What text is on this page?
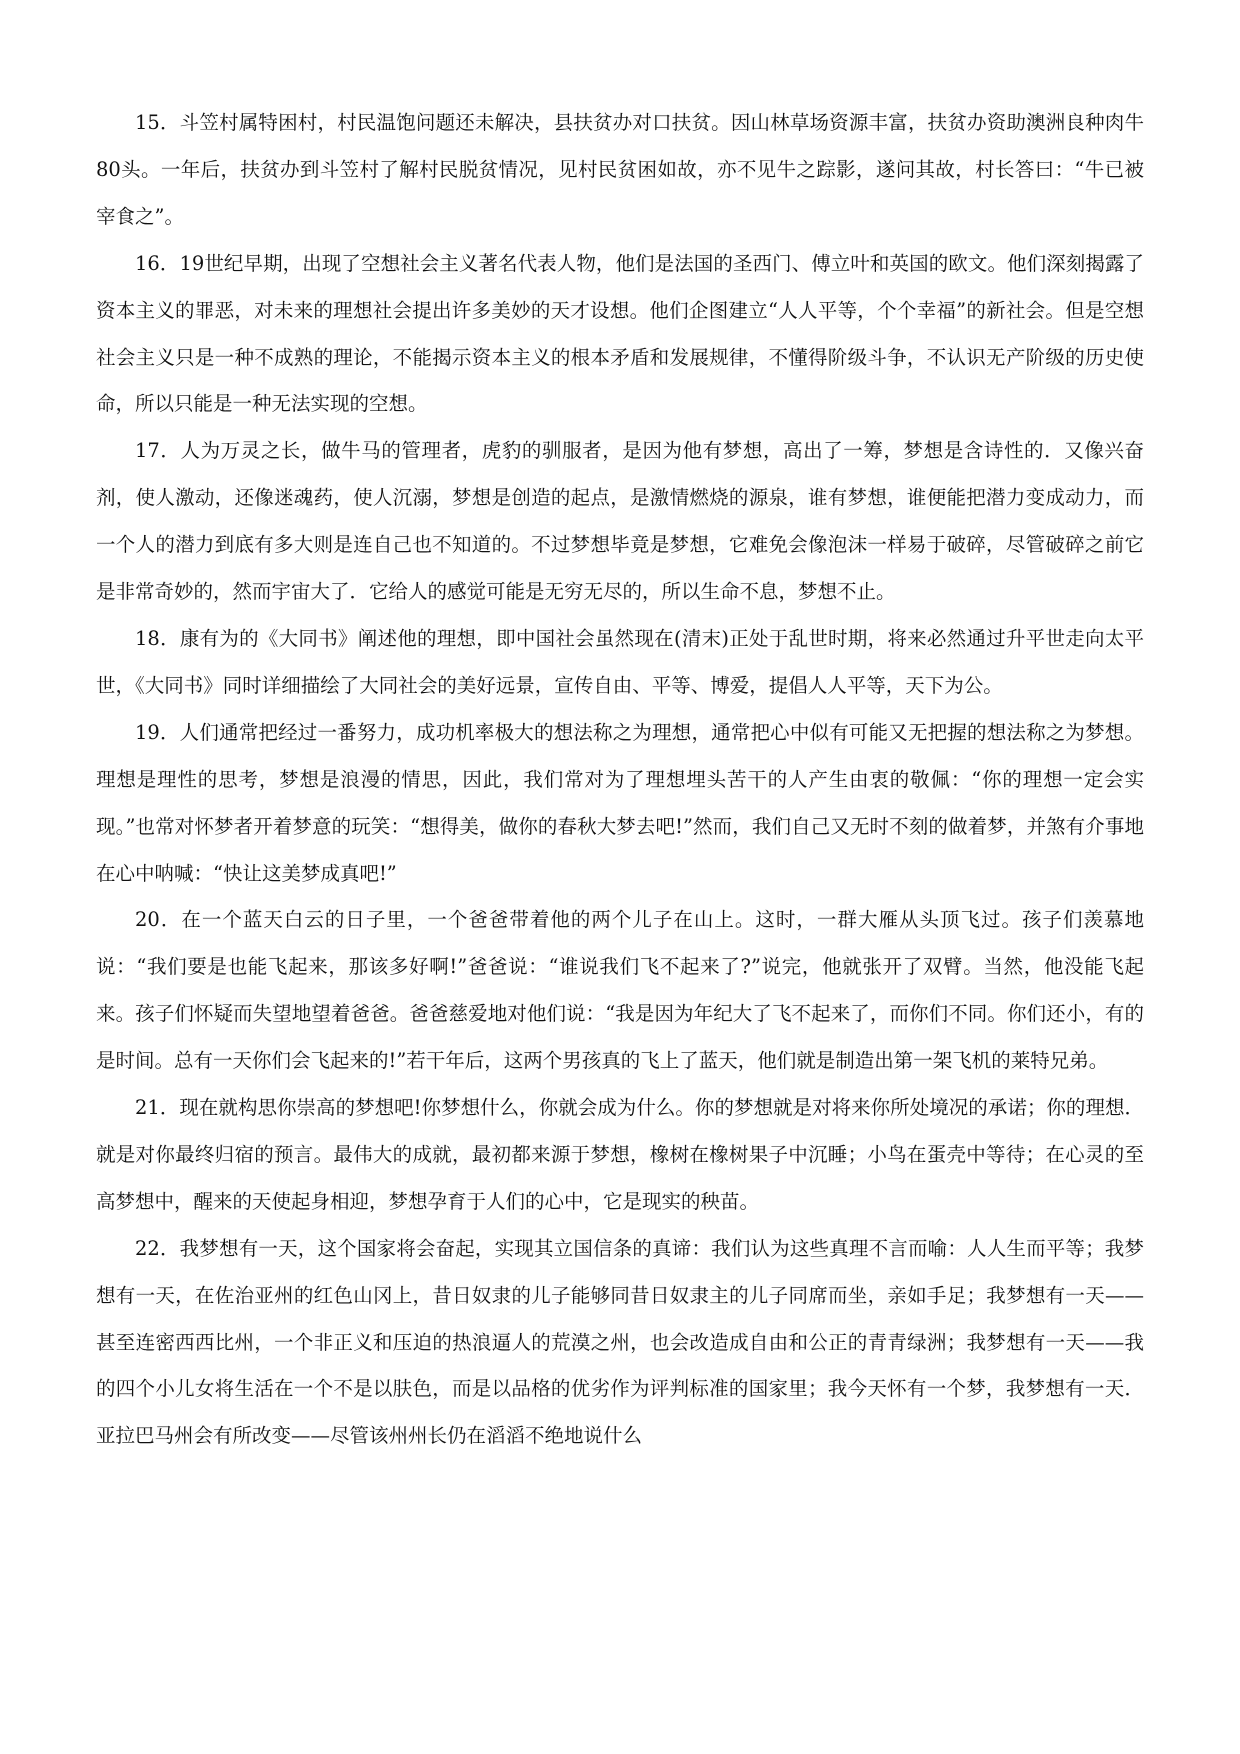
15．斗笠村属特困村，村民温饱问题还未解决，县扶贫办对口扶贫。因山林草场资源丰富，扶贫办资助澳洲良种肉牛80头。一年后，扶贫办到斗笠村了解村民脱贫情况，见村民贫困如故，亦不见牛之踪影，遂问其故，村长答曰：“牛已被宰食之”。

16．19世纪早期，出现了空想社会主义著名代表人物，他们是法国的圣西门、傅立叶和英国的欧文。他们深刻揭露了资本主义的罪恶，对未来的理想社会提出许多美妙的天才设想。他们企图建立“人人平等，个个幸福”的新社会。但是空想社会主义只是一种不成熟的理论，不能揭示资本主义的根本矛盾和发展规律，不懂得阶级斗争，不认识无产阶级的历史使命，所以只能是一种无法实现的空想。

17．人为万灵之长，做牛马的管理者，虎豹的驯服者，是因为他有梦想，高出了一筹，梦想是含诗性的．又像兴奋剂，使人激动，还像迷魂药，使人沉溺，梦想是创造的起点，是激情燃烧的源泉，谁有梦想，谁便能把潜力变成动力，而一个人的潜力到底有多大则是连自己也不知道的。不过梦想毕竟是梦想，它难免会像泡沫一样易于破碎，尽管破碎之前它是非常奇妙的，然而宇宙大了．它给人的感觉可能是无穷无尽的，所以生命不息，梦想不止。

18．康有为的《大同书》阐述他的理想，即中国社会虽然现在(清末)正处于乱世时期，将来必然通过升平世走向太平世，《大同书》同时详细描绘了大同社会的美好远景，宣传自由、平等、博爱，提倡人人平等，天下为公。

19．人们通常把经过一番努力，成功机率极大的想法称之为理想，通常把心中似有可能又无把握的想法称之为梦想。理想是理性的思考，梦想是浪漫的情思，因此，我们常对为了理想埋头苦干的人产生由衷的敬佩：“你的理想一定会实现。”也常对怀梦者开着梦意的玩笑：“想得美，做你的春秋大梦去吧!”然而，我们自己又无时不刻的做着梦，并煞有介事地在心中呐喊：“快让这美梦成真吧!”

20．在一个蓝天白云的日子里，一个爸爸带着他的两个儿子在山上。这时，一群大雁从头顶飞过。孩子们羡慕地说：“我们要是也能飞起来，那该多好啊!”爸爸说：“谁说我们飞不起来了?”说完，他就张开了双臂。当然，他没能飞起来。孩子们怀疑而失望地望着爸爸。爸爸慈爱地对他们说：“我是因为年纪大了飞不起来了，而你们不同。你们还小，有的是时间。总有一天你们会飞起来的!”若干年后，这两个男孩真的飞上了蓝天，他们就是制造出第一架飞机的莱特兄弟。

21．现在就构思你崇高的梦想吧!你梦想什么，你就会成为什么。你的梦想就是对将来你所处境况的承诺；你的理想．就是对你最终归宿的预言。最伟大的成就，最初都来源于梦想，橡树在橡树果子中沉睡；小鸟在蛋壳中等待；在心灵的至高梦想中，醒来的天使起身相迎，梦想孕育于人们的心中，它是现实的秧苗。

22．我梦想有一天，这个国家将会奋起，实现其立国信条的真谛：我们认为这些真理不言而喻：人人生而平等；我梦想有一天，在佐治亚州的红色山冈上，昔日奴隶的儿子能够同昔日奴隶主的儿子同席而坐，亲如手足；我梦想有一天——甚至连密西西比州，一个非正义和压迫的热浪逼人的荒漠之州，也会改造成自由和公正的青青绿洲；我梦想有一天——我的四个小儿女将生活在一个不是以肤色，而是以品格的优劣作为评判标准的国家里；我今天怀有一个梦，我梦想有一天．亚拉巴马州会有所改变——尽管该州州长仍在滔滔不绝地说什么
